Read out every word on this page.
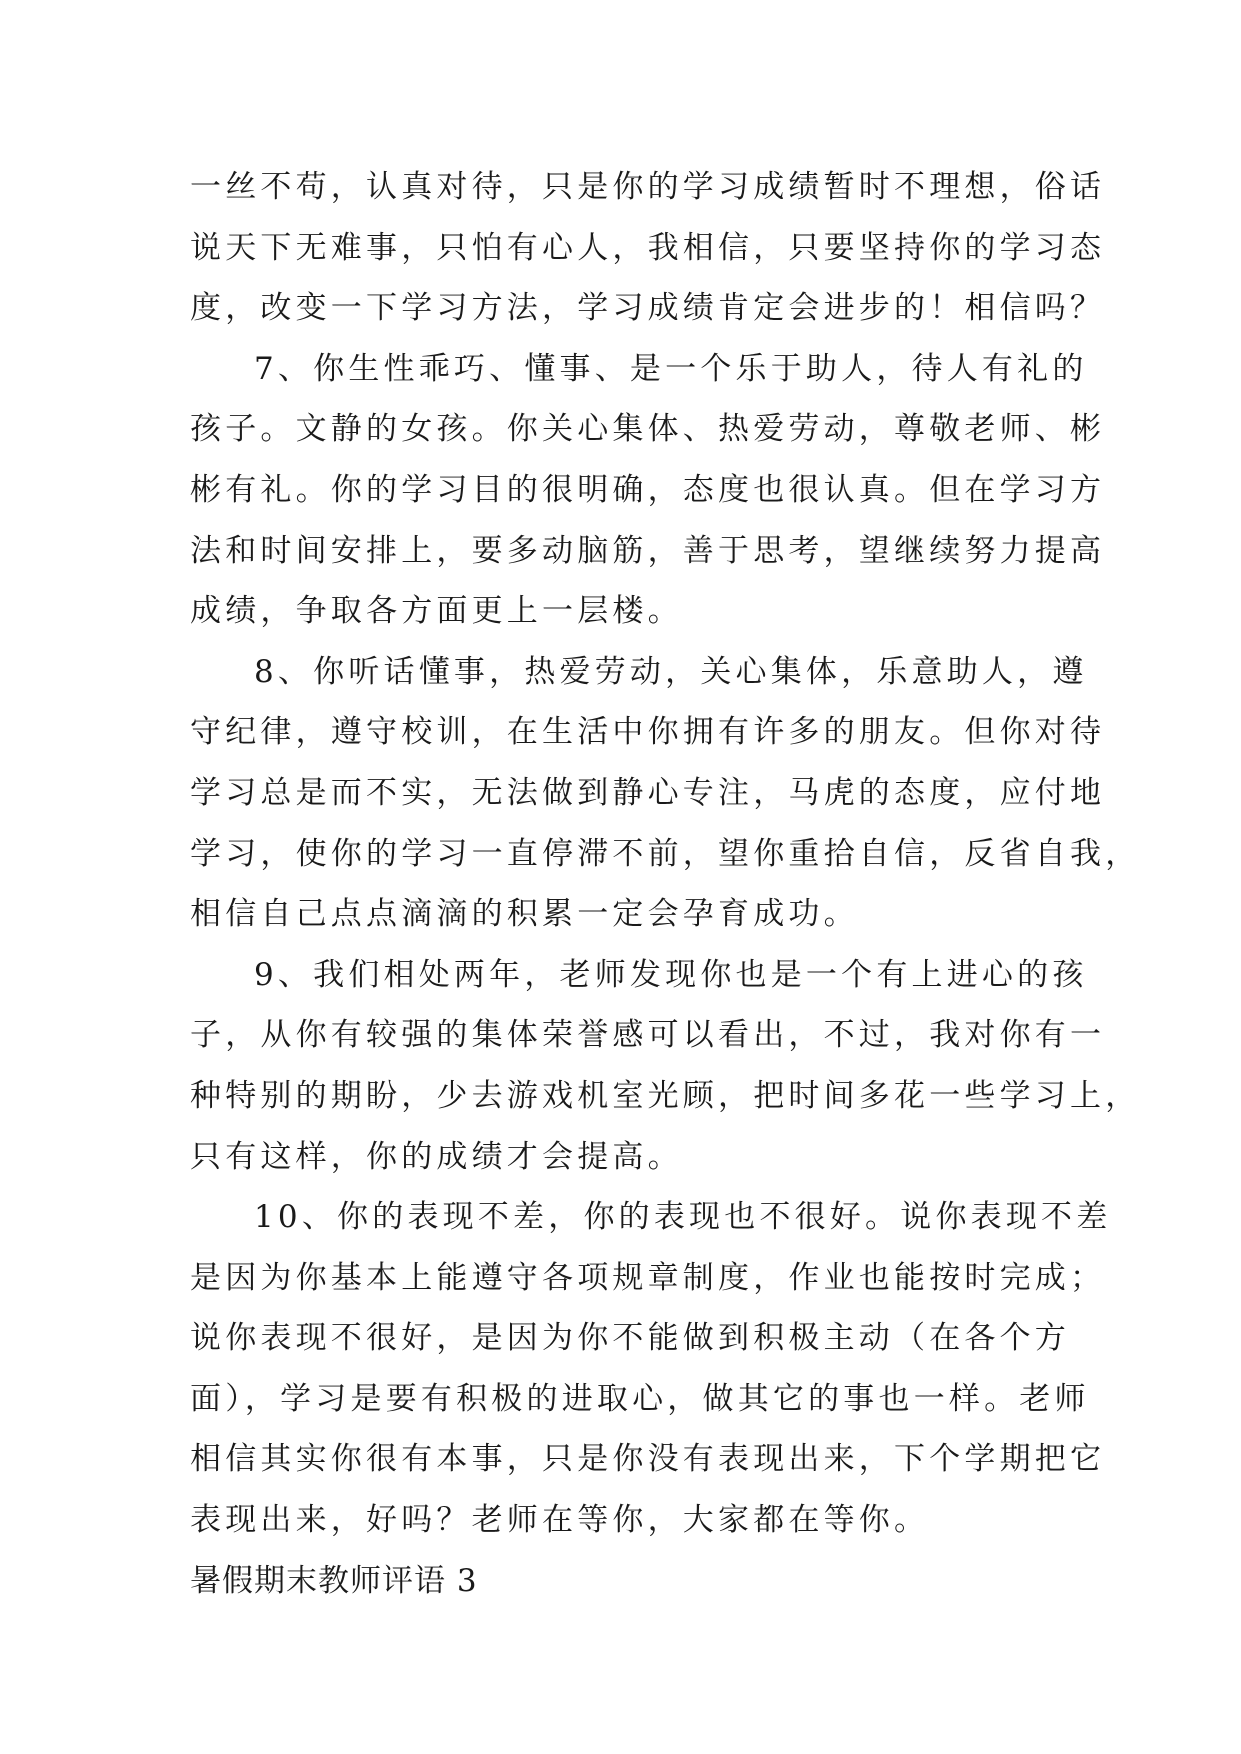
一丝不苟，认真对待，只是你的学习成绩暂时不理想，俗话
说天下无难事，只怕有心人，我相信，只要坚持你的学习态
度，改变一下学习方法，学习成绩肯定会进步的！相信吗？

7、你生性乖巧、懂事、是一个乐于助人，待人有礼的
孩子。文静的女孩。你关心集体、热爱劳动，尊敬老师、彬
彬有礼。你的学习目的很明确，态度也很认真。但在学习方
法和时间安排上，要多动脑筋，善于思考，望继续努力提高
成绩，争取各方面更上一层楼。

8、你听话懂事，热爱劳动，关心集体，乐意助人，遵
守纪律，遵守校训，在生活中你拥有许多的朋友。但你对待
学习总是而不实，无法做到静心专注，马虎的态度，应付地
学习，使你的学习一直停滞不前，望你重拾自信，反省自我，
相信自己点点滴滴的积累一定会孕育成功。

9、我们相处两年，老师发现你也是一个有上进心的孩
子，从你有较强的集体荣誉感可以看出，不过，我对你有一
种特别的期盼，少去游戏机室光顾，把时间多花一些学习上，
只有这样，你的成绩才会提高。

10、你的表现不差，你的表现也不很好。说你表现不差
是因为你基本上能遵守各项规章制度，作业也能按时完成；
说你表现不很好，是因为你不能做到积极主动（在各个方
面），学习是要有积极的进取心，做其它的事也一样。老师
相信其实你很有本事，只是你没有表现出来，下个学期把它
表现出来，好吗？老师在等你，大家都在等你。

暑假期末教师评语 3
